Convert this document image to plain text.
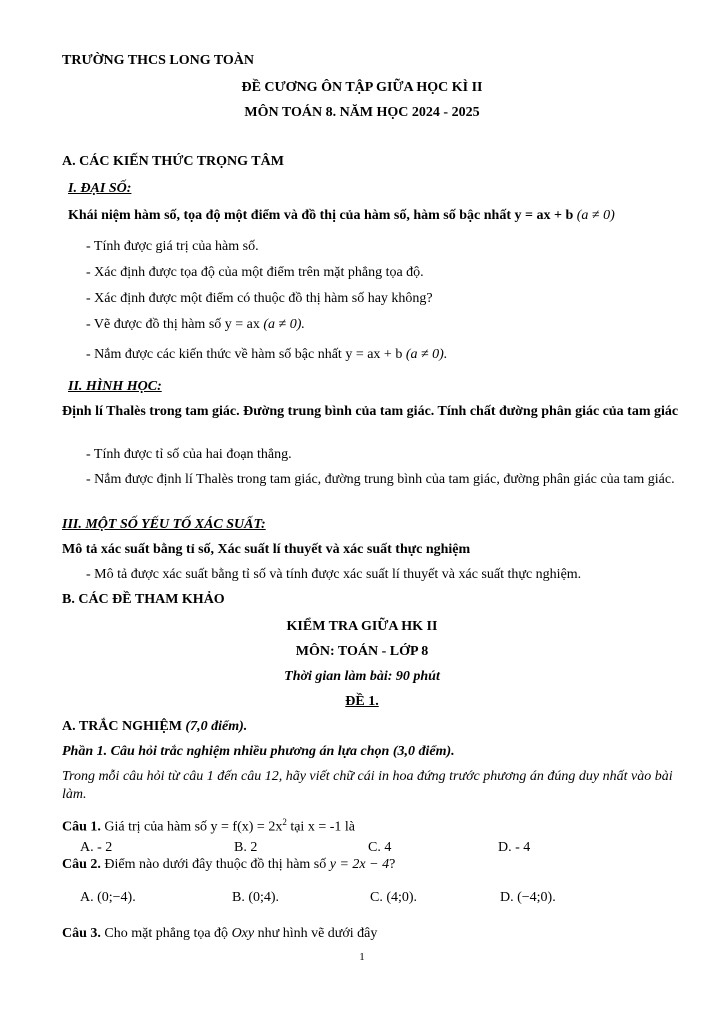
TRƯỜNG THCS LONG TOÀN
ĐỀ CƯƠNG ÔN TẬP GIỮA HỌC KÌ II
MÔN TOÁN 8. NĂM HỌC 2024 - 2025
A. CÁC KIẾN THỨC TRỌNG TÂM
I. ĐẠI SỐ:
Khái niệm hàm số, tọa độ một điểm và đồ thị của hàm số, hàm số bậc nhất y = ax + b (a ≠ 0)
- Tính được giá trị của hàm số.
- Xác định được tọa độ của một điểm trên mặt phẳng tọa độ.
- Xác định được một điểm có thuộc đồ thị hàm số hay không?
- Vẽ được đồ thị hàm số y = ax (a ≠ 0).
- Nắm được các kiến thức về hàm số bậc nhất y = ax + b (a ≠ 0).
II. HÌNH HỌC:
Định lí Thalès trong tam giác. Đường trung bình của tam giác. Tính chất đường phân giác của tam giác
- Tính được tỉ số của hai đoạn thẳng.
- Nắm được định lí Thalès trong tam giác, đường trung bình của tam giác, đường phân giác của tam giác.
III. MỘT SỐ YẾU TỐ XÁC SUẤT:
Mô tả xác suất bằng tỉ số, Xác suất lí thuyết và xác suất thực nghiệm
- Mô tả được xác suất bằng tỉ số và tính được xác suất lí thuyết và xác suất thực nghiệm.
B. CÁC ĐỀ THAM KHẢO
KIỂM TRA GIỮA HK II
MÔN: TOÁN - LỚP 8
Thời gian làm bài: 90 phút
ĐỀ 1.
A. TRẮC NGHIỆM (7,0 điểm).
Phần 1. Câu hỏi trắc nghiệm nhiều phương án lựa chọn (3,0 điểm).
Trong mỗi câu hỏi từ câu 1 đến câu 12, hãy viết chữ cái in hoa đứng trước phương án đúng duy nhất vào bài làm.
Câu 1. Giá trị của hàm số $y = f(x) = 2x^2$ tại x = -1 là
A. - 2	B. 2	C. 4	D. - 4
Câu 2. Điểm nào dưới đây thuộc đồ thị hàm số y = 2x − 4?
A. (0;−4).	B. (0;4).	C. (4;0).	D. (−4;0).
Câu 3. Cho mặt phẳng tọa độ Oxy như hình vẽ dưới đây
1
